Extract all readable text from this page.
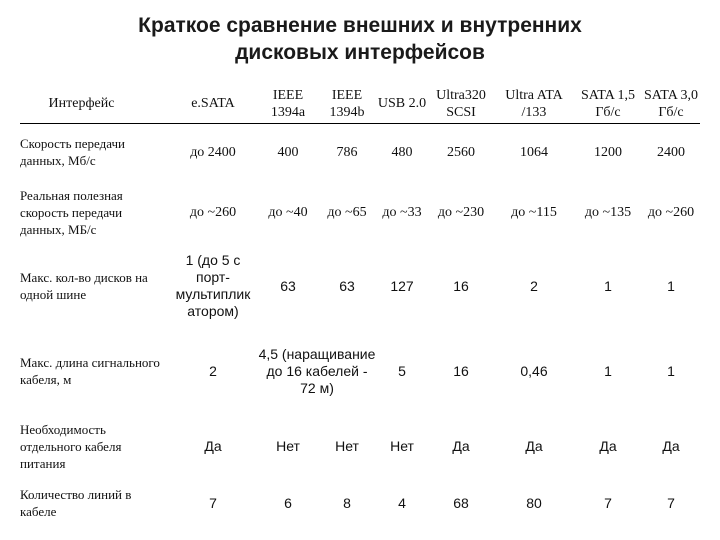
Краткое сравнение внешних и внутренних
дисковых интерфейсов
Интерфейс	e.SATA	IEEE 1394a	IEEE 1394b	USB 2.0	Ultra320 SCSI	Ultra ATA /133	SATA 1,5 Гб/с	SATA 3,0 Гб/с
Скорость передачи данных, Мб/с	до 2400	400	786	480	2560	1064	1200	2400
Реальная полезная скорость передачи данных, МБ/с	до ~260	до ~40	до ~65	до ~33	до ~230	до ~115	до ~135	до ~260
Макс. кол-во дисков на одной шине	1 (до 5 с порт-мультиплик атором)	63	63	127	16	2	1	1
Макс. длина сигнального кабеля, м	2	4,5 (наращивание до 16 кабелей - 72 м)		5	16	0,46	1	1
Необходимость отдельного кабеля питания	Да	Нет	Нет	Нет	Да	Да	Да	Да
Количество линий в кабеле	7	6	8	4	68	80	7	7
